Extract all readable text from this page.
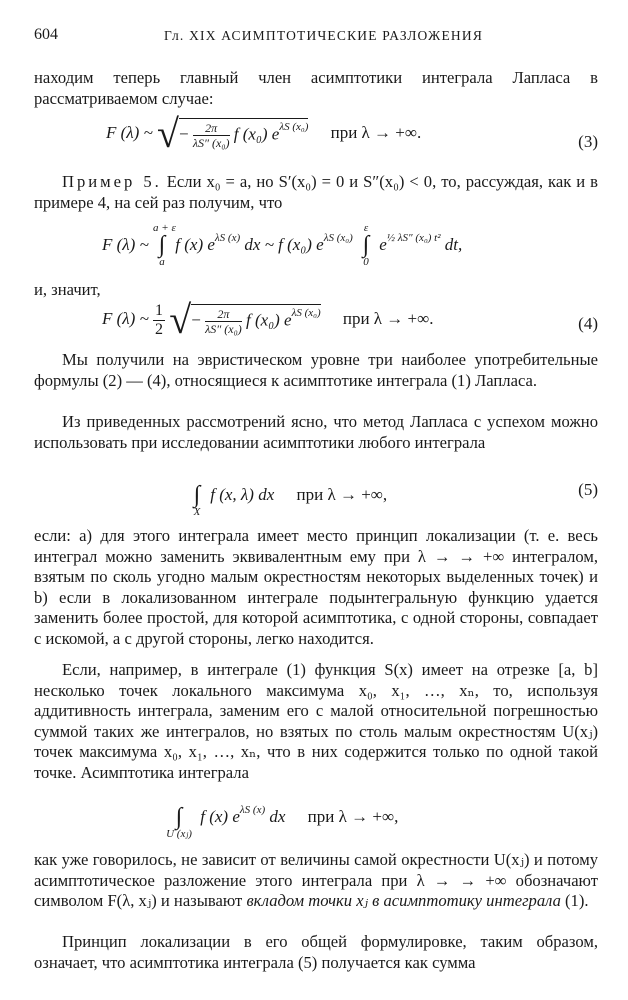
604	Гл. XIX АСИМПТОТИЧЕСКИЕ РАЗЛОЖЕНИЯ

находим теперь главный член асимптотики интеграла Лапласа в рассматриваемом случае:

F (λ) ~ √− $\frac{2\pi}{\text{λS″ (x₀)}}$ f (x₀) $e^{\lambda S (x_0)}$ при λ → +∞.	(3)

Пример 5. Если x₀ = a, но S′(x₀) = 0 и S″(x₀) < 0, то, рассуждая, как и в примере 4, на сей раз получим, что

F (λ) ~
a + ε
∫
a
f (x) $e^{\lambda S (x)}$ dx ~ f (x₀) $e^{\lambda S (x_0)}$
ε
∫
0
$e^{\frac{1}{2} \lambda S'' (x_0) t^2}$ dt,

и, значит,

F (λ) ~ $\frac{1}{2}$ √− $\frac{2\pi}{\text{λS″ (x₀)}}$ f (x₀) $e^{\lambda S (x_0)}$ при λ → +∞.	(4)

Мы получили на эвристическом уровне три наиболее употребительные формулы (2) — (4), относящиеся к асимптотике интеграла (1) Лапласа.

Из приведенных рассмотрений ясно, что метод Лапласа с успехом можно использовать при исследовании асимптотики любого интеграла

∫
X
f (x, λ) dx при λ → +∞,	(5)

если: a) для этого интеграла имеет место принцип локализации (т. е. весь интеграл можно заменить эквивалентным ему при λ → → +∞ интегралом, взятым по сколь угодно малым окрестностям некоторых выделенных точек) и b) если в локализованном интеграле подынтегральную функцию удается заменить более простой, для которой асимптотика, с одной стороны, совпадает с искомой, а с другой стороны, легко находится.

Если, например, в интеграле (1) функция S(x) имеет на отрезке [a, b] несколько точек локального максимума x₀, x₁, …, xₙ, то, используя аддитивность интеграла, заменим его с малой относительной погрешностью суммой таких же интегралов, но взятых по столь малым окрестностям U(xⱼ) точек максимума x₀, x₁, …, xₙ, что в них содержится только по одной такой точке. Асимптотика интеграла

∫
U (xⱼ)
f (x) $e^{\lambda S (x)}$ dx при λ → +∞,

как уже говорилось, не зависит от величины самой окрестности U(xⱼ) и потому асимптотическое разложение этого интеграла при λ → → +∞ обозначают символом F(λ, xⱼ) и называют вкладом точки xⱼ в асимптотику интеграла (1).

Принцип локализации в его общей формулировке, таким образом, означает, что асимптотика интеграла (5) получается как сумма
